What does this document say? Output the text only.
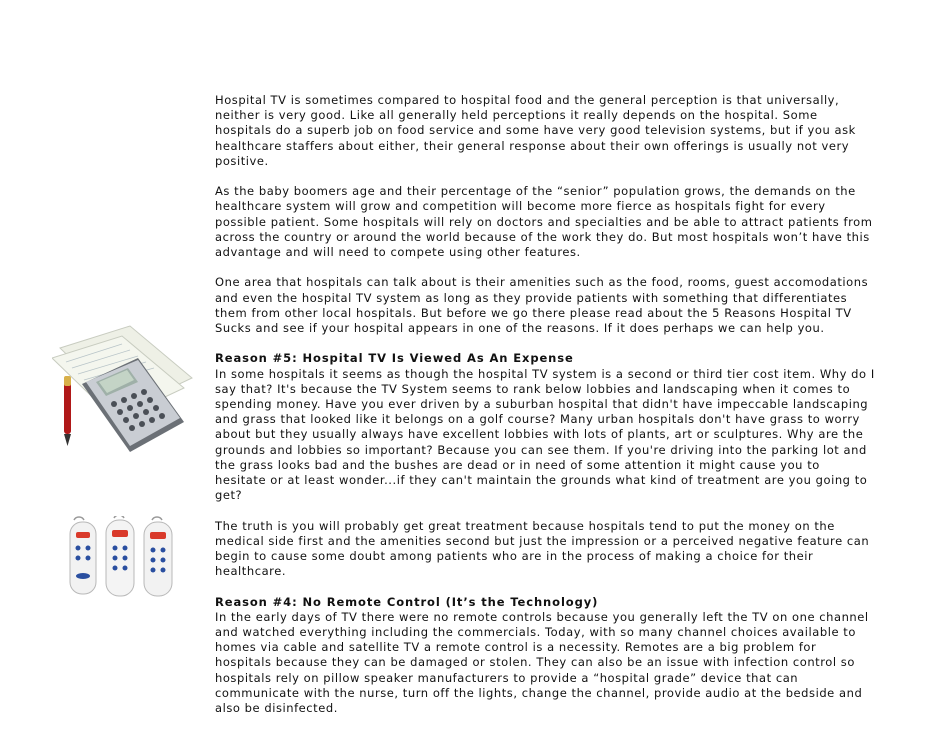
Hospital TV is sometimes compared to hospital food and the general perception is that universally, neither is very good. Like all generally held perceptions it really depends on the hospital. Some hospitals do a superb job on food service and some have very good television systems, but if you ask healthcare staffers about either, their general response about their own offerings is usually not very positive.

As the baby boomers age and their percentage of the “senior” population grows, the demands on the healthcare system will grow and competition will become more fierce as hospitals fight for every possible patient. Some hospitals will rely on doctors and specialties and be able to attract patients from across the country or around the world because of the work they do. But most hospitals won’t have this advantage and will need to compete using other features.

One area that hospitals can talk about is their amenities such as the food, rooms, guest accomodations and even the hospital TV system as long as they provide patients with something that differentiates them from other local hospitals. But before we go there please read about the 5 Reasons Hospital TV Sucks and see if your hospital appears in one of the reasons. If it does perhaps we can help you.

Reason #5: Hospital TV Is Viewed As An Expense
In some hospitals it seems as though the hospital TV system is a second or third tier cost item. Why do I say that? It's because the TV System seems to rank below lobbies and landscaping when it comes to spending money. Have you ever driven by a suburban hospital that didn't have impeccable landscaping and grass that looked like it belongs on a golf course? Many urban hospitals don't have grass to worry about but they usually always have excellent lobbies with lots of plants, art or sculptures. Why are the grounds and lobbies so important? Because you can see them. If you're driving into the parking lot and the grass looks bad and the bushes are dead or in need of some attention it might cause you to hesitate or at least wonder...if they can't maintain the grounds what kind of treatment are you going to get?

The truth is you will probably get great treatment because hospitals tend to put the money on the medical side first and the amenities second but just the impression or a perceived negative feature can begin to cause some doubt among patients who are in the process of making a choice for their healthcare.

Reason #4: No Remote Control (It’s the Technology)
In the early days of TV there were no remote controls because you generally left the TV on one channel and watched everything including the commercials. Today, with so many channel choices available to homes via cable and satellite TV a remote control is a necessity. Remotes are a big problem for hospitals because they can be damaged or stolen. They can also be an issue with infection control so hospitals rely on pillow speaker manufacturers to provide a “hospital grade” device that can communicate with the nurse, turn off the lights, change the channel, provide audio at the bedside and also be disinfected.
